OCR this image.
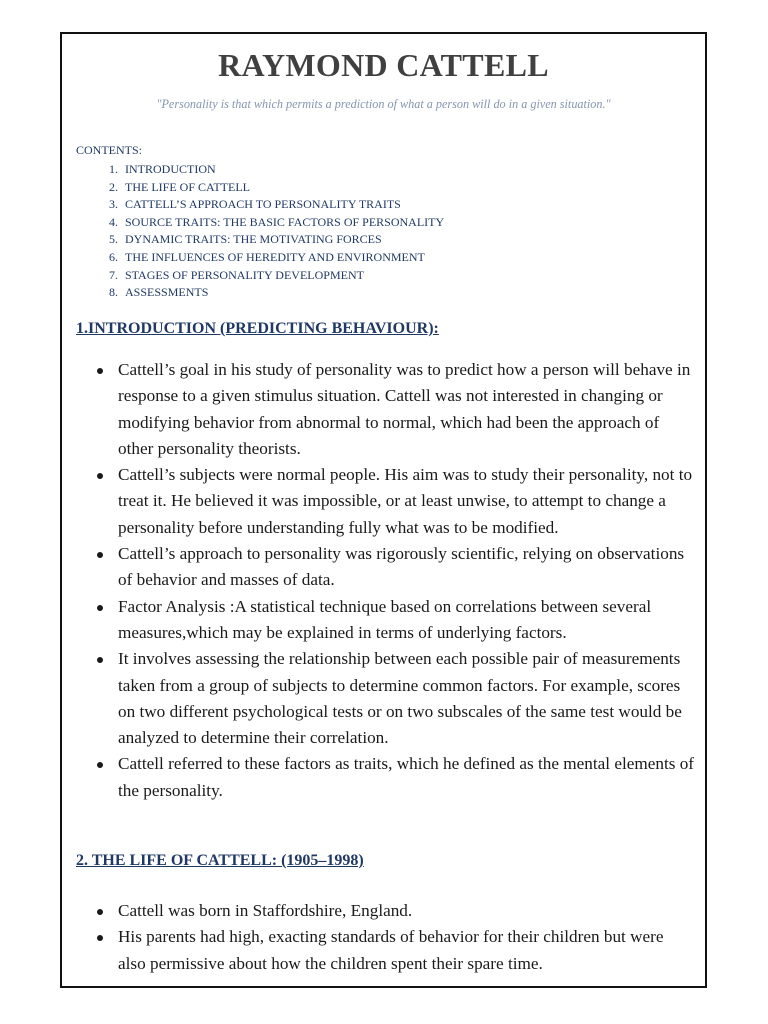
RAYMOND CATTELL
"Personality is that which permits a prediction of what a person will do in a given situation."
CONTENTS:
1. INTRODUCTION
2. THE LIFE OF CATTELL
3. CATTELL’S APPROACH TO PERSONALITY TRAITS
4. SOURCE TRAITS: THE BASIC FACTORS OF PERSONALITY
5. DYNAMIC TRAITS: THE MOTIVATING FORCES
6. THE INFLUENCES OF HEREDITY AND ENVIRONMENT
7. STAGES OF PERSONALITY DEVELOPMENT
8. ASSESSMENTS
1.INTRODUCTION (PREDICTING BEHAVIOUR):
Cattell’s goal in his study of personality was to predict how a person will behave in response to a given stimulus situation. Cattell was not interested in changing or modifying behavior from abnormal to normal, which had been the approach of other personality theorists.
Cattell’s subjects were normal people. His aim was to study their personality, not to treat it. He believed it was impossible, or at least unwise, to attempt to change a personality before understanding fully what was to be modified.
Cattell’s approach to personality was rigorously scientific, relying on observations of behavior and masses of data.
Factor Analysis :A statistical technique based on correlations between several measures,which may be explained in terms of underlying factors.
It involves assessing the relationship between each possible pair of measurements taken from a group of subjects to determine common factors. For example, scores on two different psychological tests or on two subscales of the same test would be analyzed to determine their correlation.
Cattell referred to these factors as traits, which he defined as the mental elements of the personality.
2. THE LIFE OF CATTELL: (1905–1998)
Cattell was born in Staffordshire, England.
His parents had high, exacting standards of behavior for their children but were also permissive about how the children spent their spare time.
